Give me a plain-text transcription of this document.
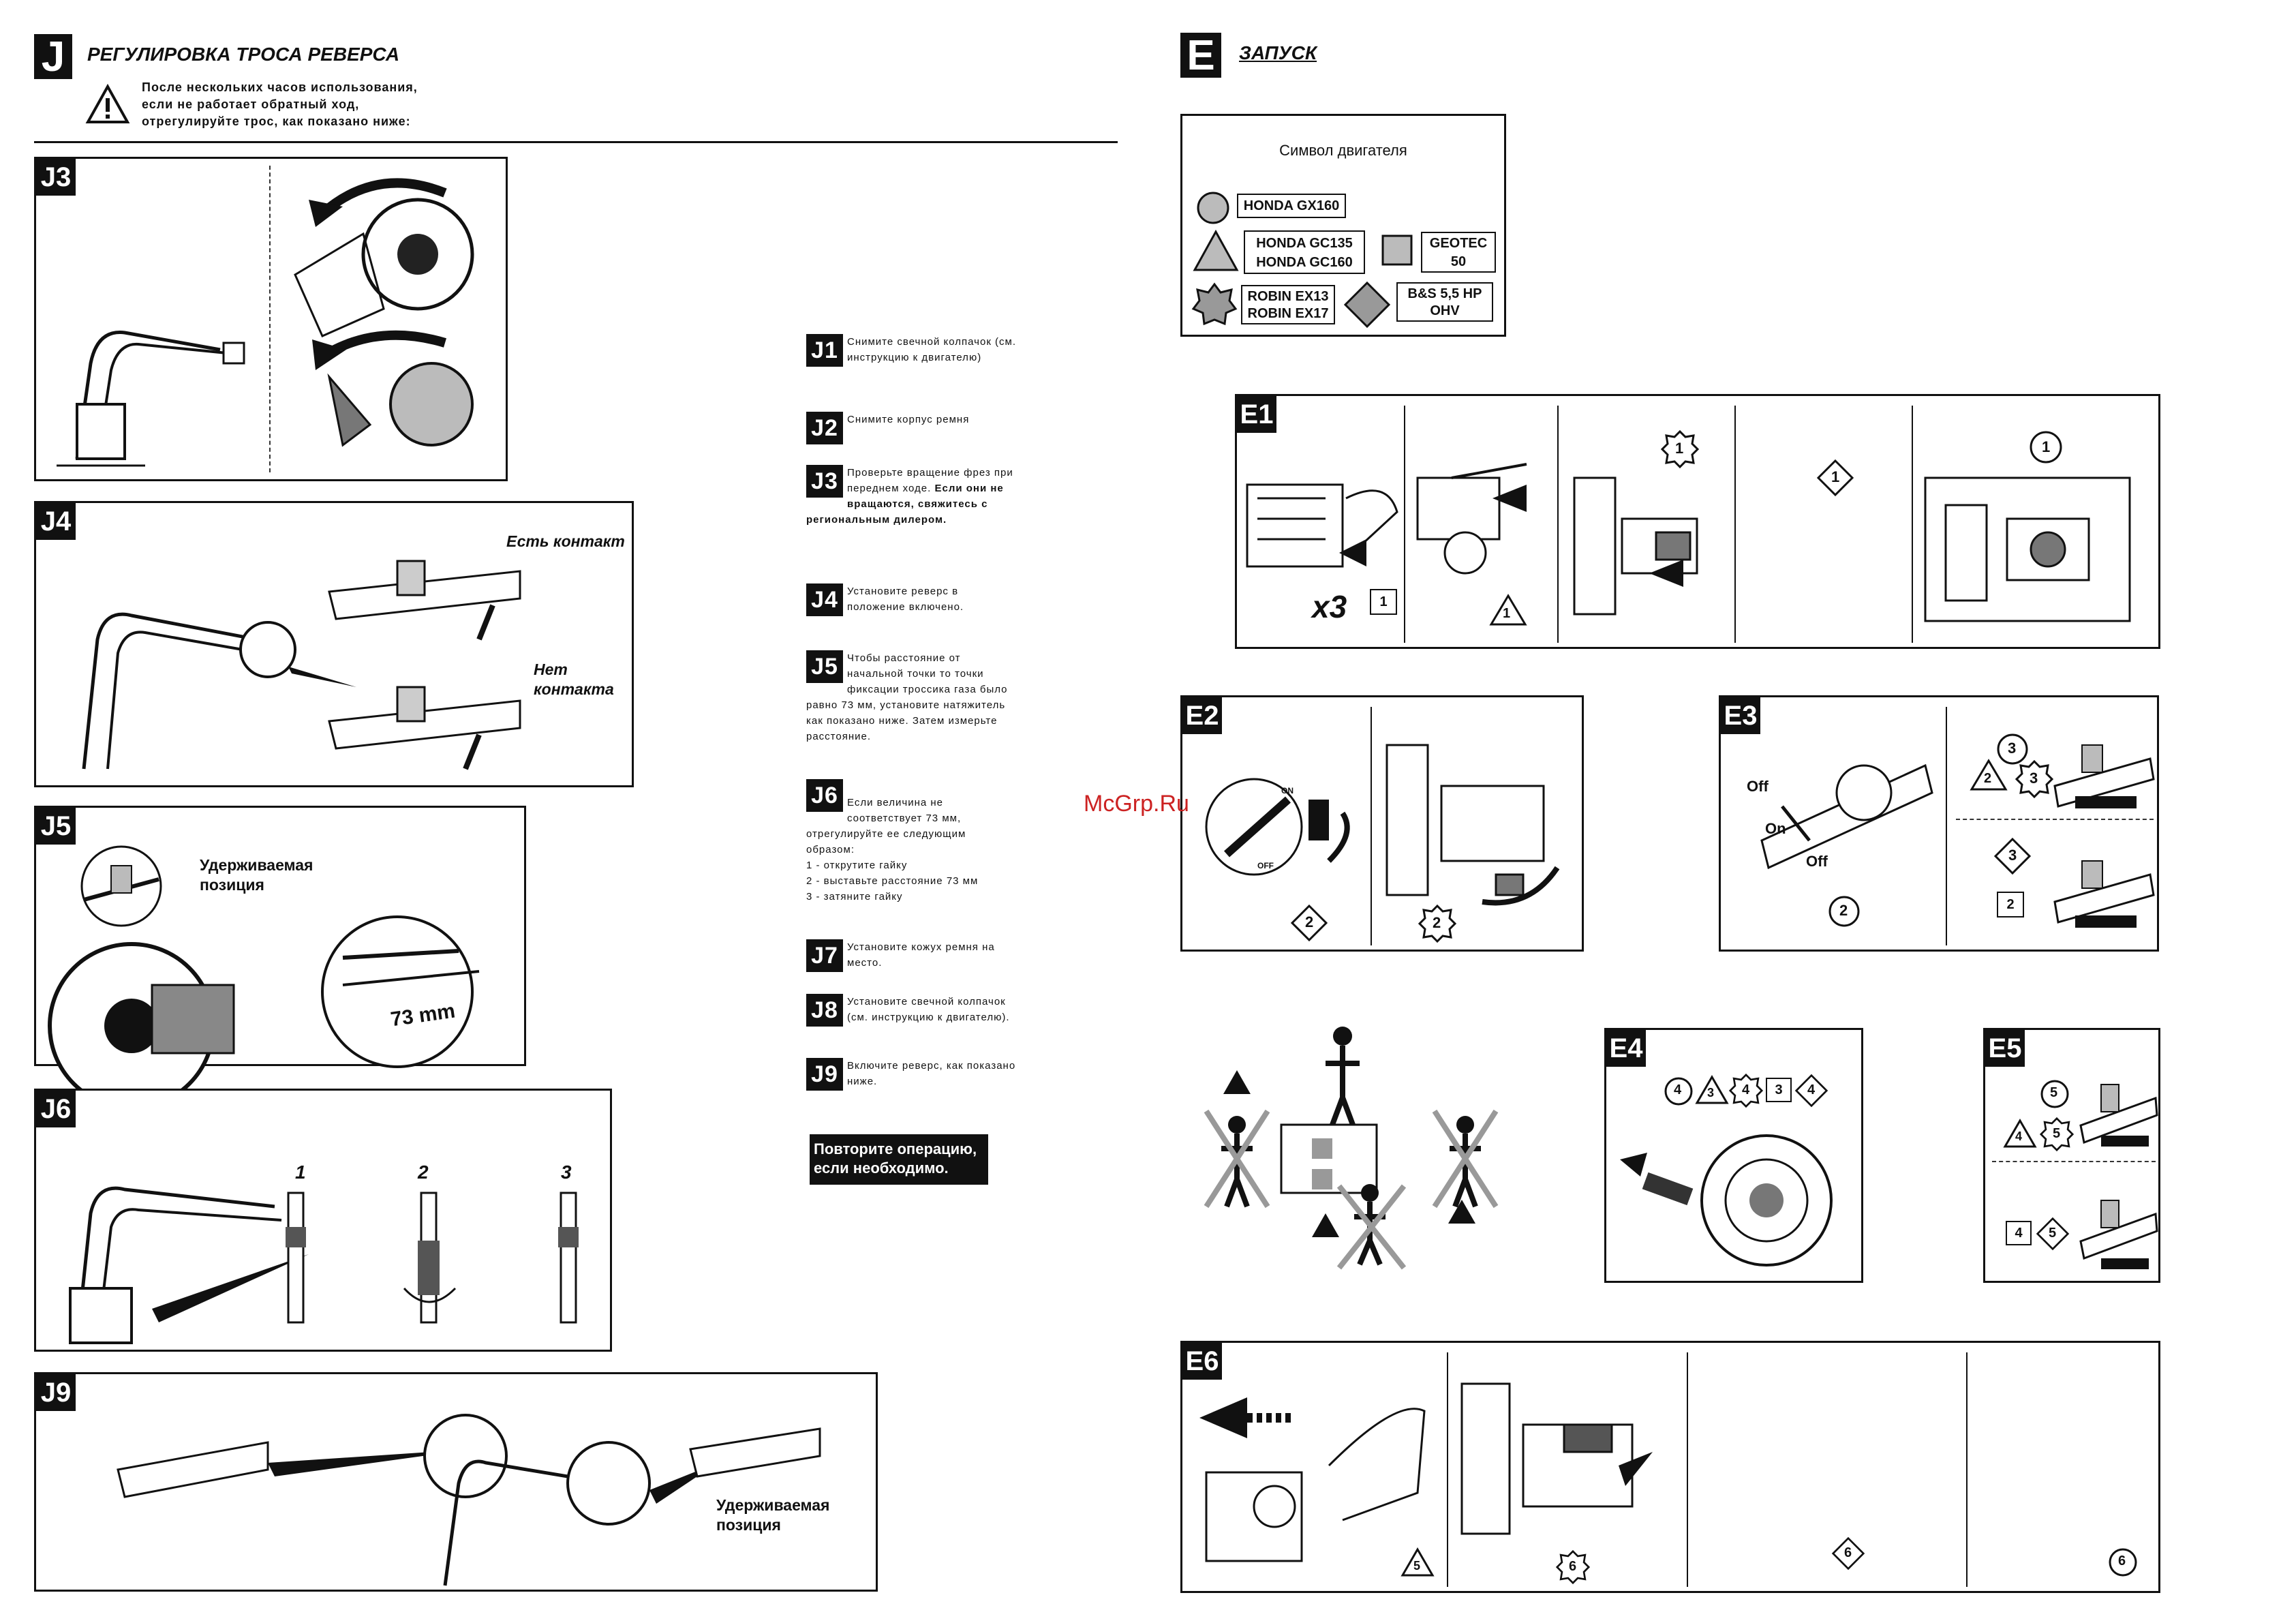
J	РЕГУЛИРОВКА ТРОСА РЕВЕРСА
После нескольких часов использования,
если не работает обратный ход,
отрегулируйте трос, как показано ниже:
J3
J4
Есть контакт
Нет
контакта
J5
Удерживаемая
позиция
73 mm
J6
1	2	3
J9
Удерживаемая
позиция
J1 Снимите свечной колпачок (см. инструкцию к двигателю)
J2 Снимите корпус ремня
J3 Проверьте вращение фрез при переднем ходе. Если они не вращаются, свяжитесь с региональным дилером.
J4 Установите реверс в положение включено.
J5 Чтобы расстояние от начальной точки то точки фиксации тросcика газа было равно 73 мм, установите натяжитель как показано ниже. Затем измерьте расстояние.

J6 Если величина не соответствует 73 мм, отрегулируйте ее следующим образом:
1 - открутите гайку
2 - выставьте расстояние 73 мм
3 - затяните гайку

J7 Установите кожух ремня на место.
J8 Установите свечной колпачок (см. инструкцию к двигателю).
J9 Включите реверс, как показано ниже.
Повторите операцию,
если необходимо.
E	ЗАПУСК
Символ двигателя
HONDA GX160
HONDA GC135
HONDA GC160
GEOTEC
50
ROBIN EX13
ROBIN EX17
B&S 5,5 HP
OHV
E1
x3	1
1
1
1
1
E2
ON
OFF
2	2
E3
Off
On
Off
2
2
3
3
3
2
E4
4 3 4	3	4
E5
5
4 5
4	5
E6
5	6
6
6
McGrp.Ru
